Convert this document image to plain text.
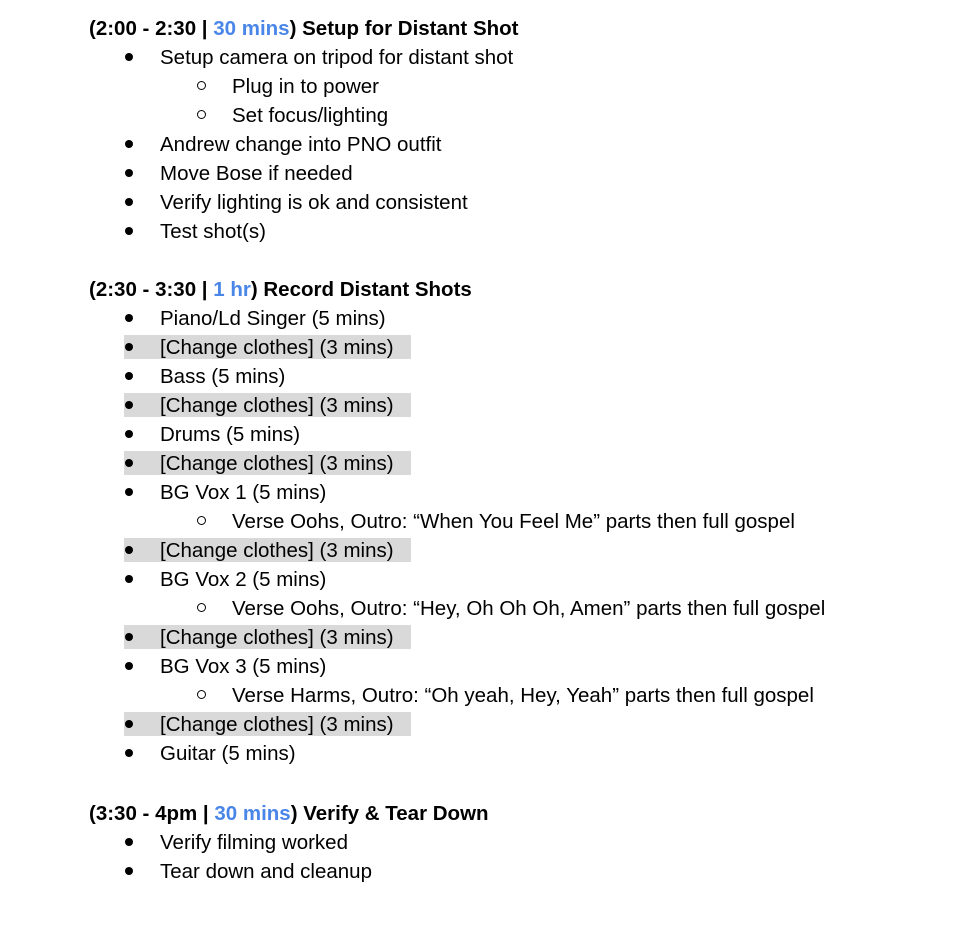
(2:00 - 2:30 | 30 mins) Setup for Distant Shot
Setup camera on tripod for distant shot
Plug in to power
Set focus/lighting
Andrew change into PNO outfit
Move Bose if needed
Verify lighting is ok and consistent
Test shot(s)
(2:30 - 3:30 | 1 hr) Record Distant Shots
Piano/Ld Singer (5 mins)
[Change clothes] (3 mins)
Bass (5 mins)
[Change clothes] (3 mins)
Drums (5 mins)
[Change clothes] (3 mins)
BG Vox 1 (5 mins)
Verse Oohs, Outro: “When You Feel Me” parts then full gospel
[Change clothes] (3 mins)
BG Vox 2 (5 mins)
Verse Oohs, Outro: “Hey, Oh Oh Oh, Amen” parts then full gospel
[Change clothes] (3 mins)
BG Vox 3 (5 mins)
Verse Harms, Outro: “Oh yeah, Hey, Yeah” parts then full gospel
[Change clothes] (3 mins)
Guitar (5 mins)
(3:30 - 4pm | 30 mins) Verify & Tear Down
Verify filming worked
Tear down and cleanup
